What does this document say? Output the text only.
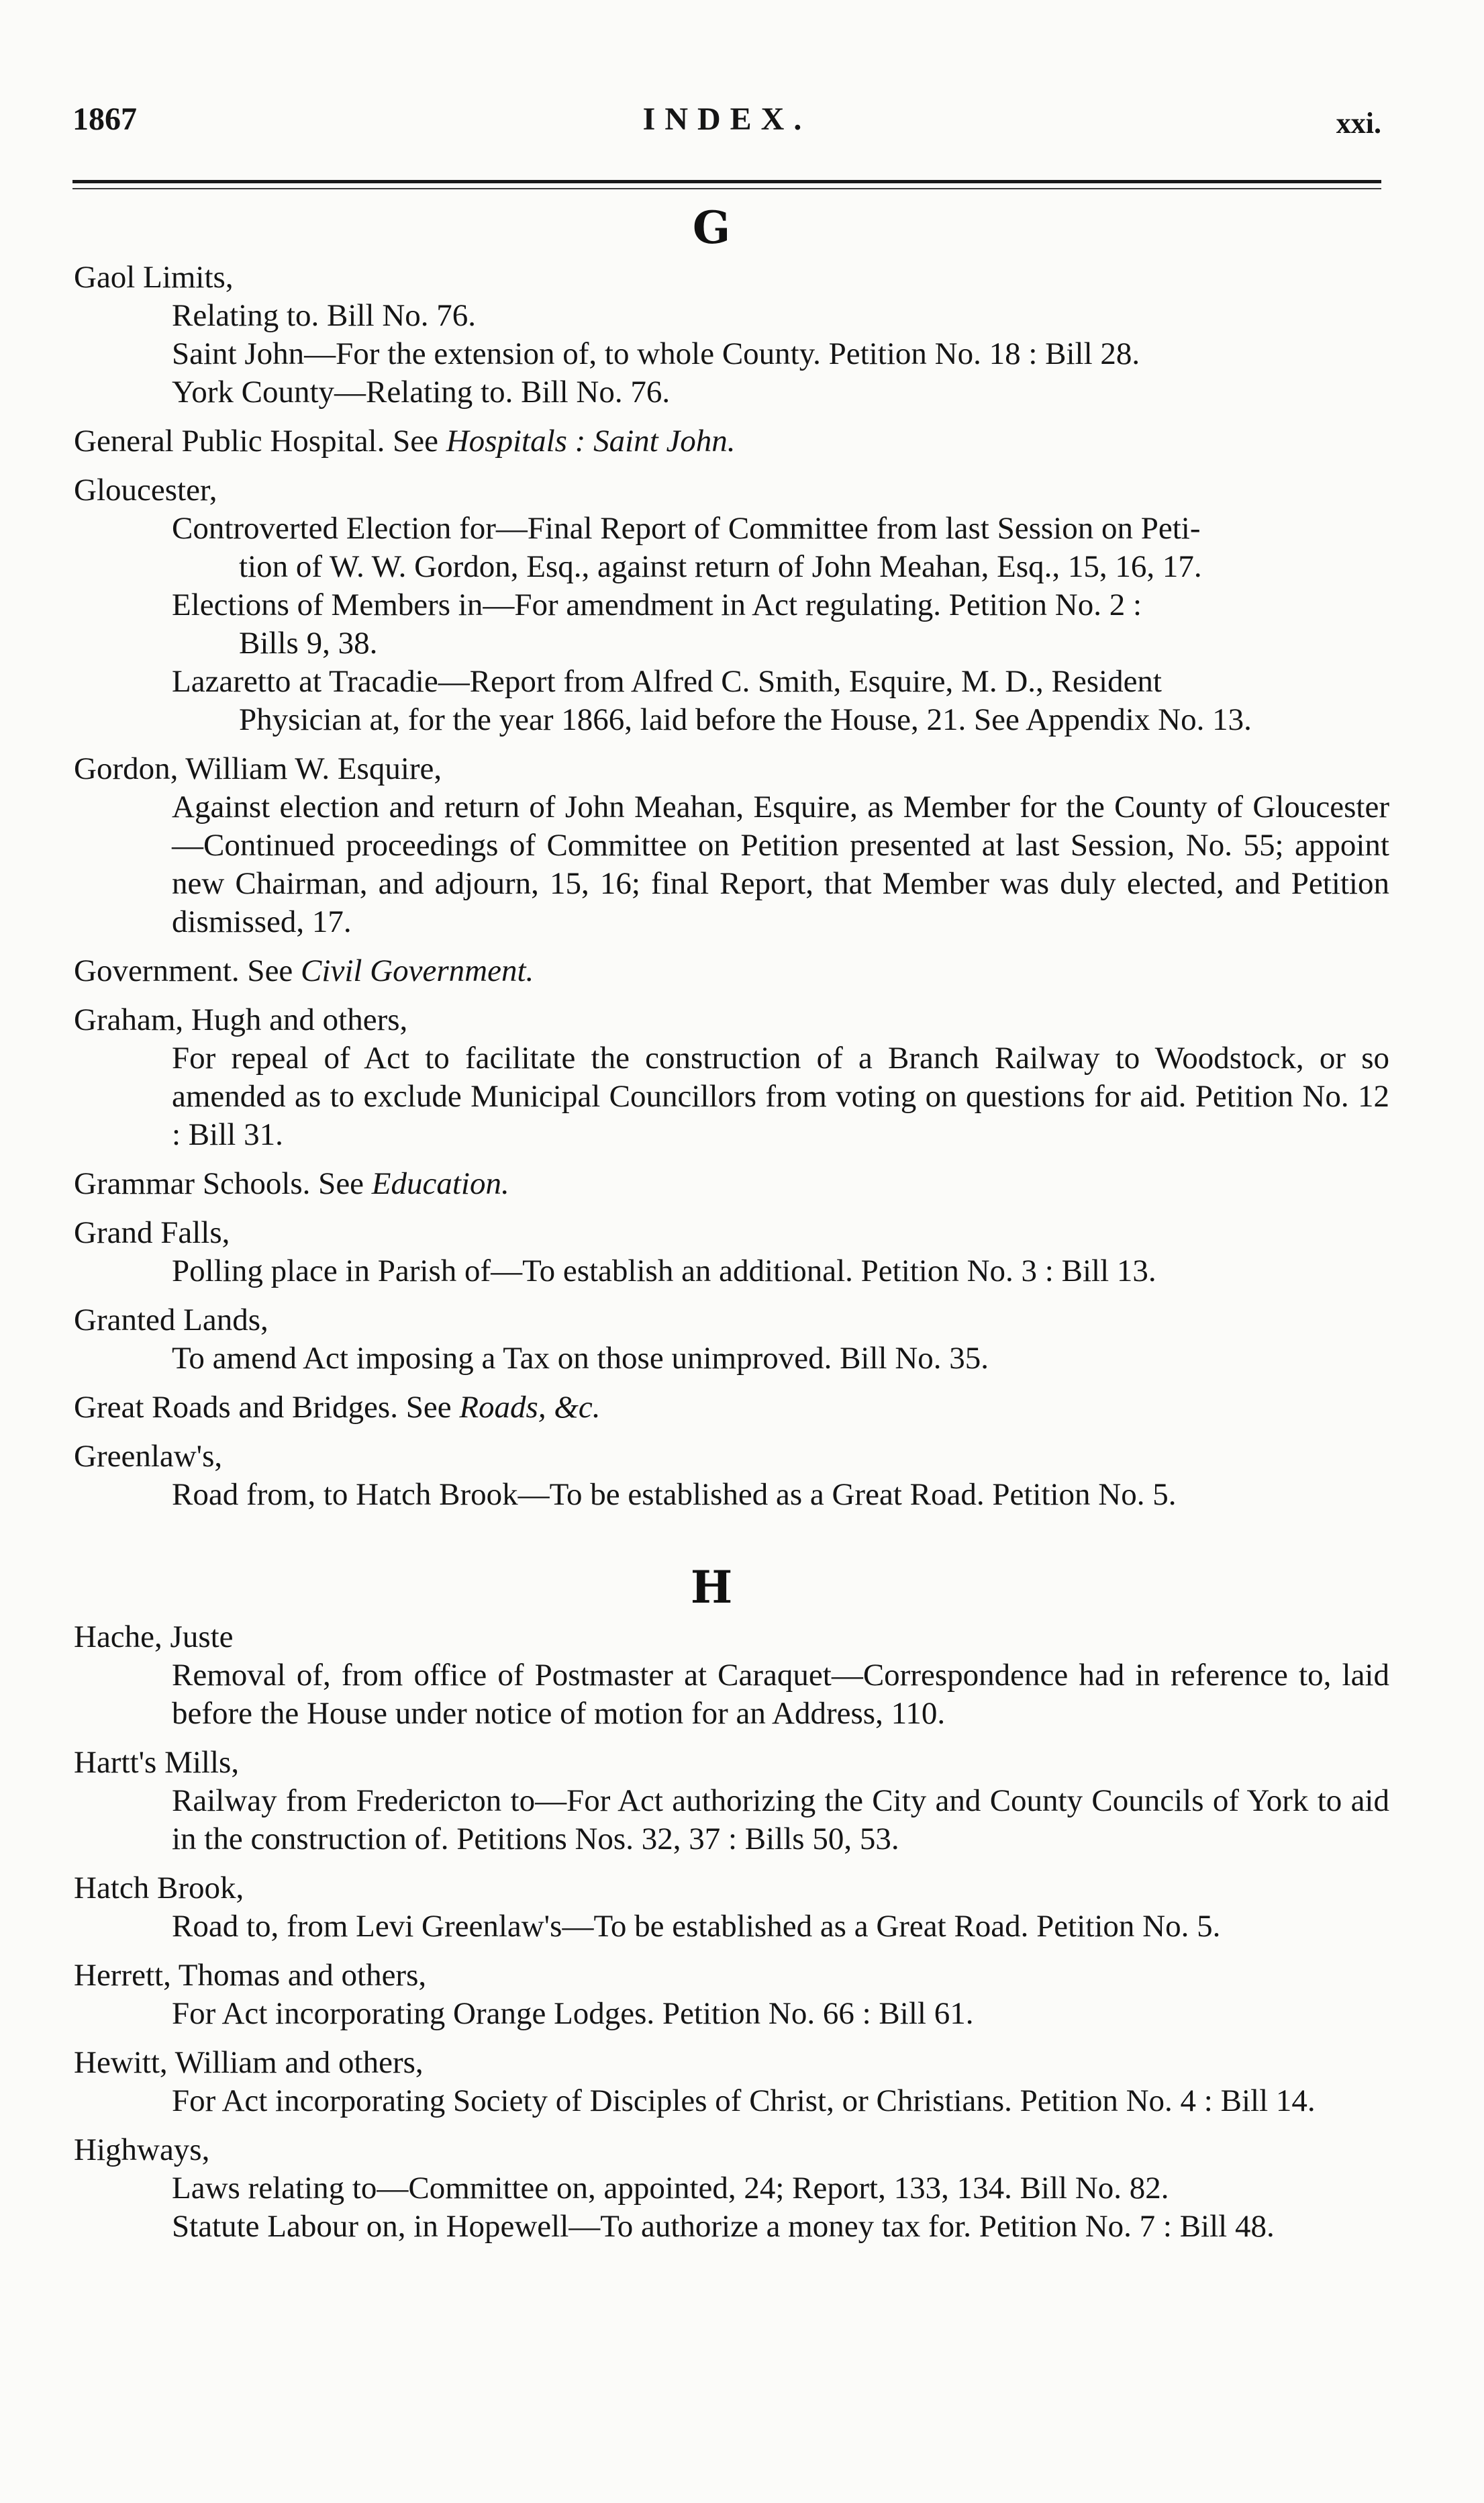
1867	INDEX.	xxi.
G
Gaol Limits,
Relating to. Bill No. 76.
Saint John—For the extension of, to whole County. Petition No. 18 : Bill 28.
York County—Relating to. Bill No. 76.
General Public Hospital. See Hospitals : Saint John.
Gloucester,
Controverted Election for—Final Report of Committee from last Session on Peti-
tion of W. W. Gordon, Esq., against return of John Meahan, Esq., 15, 16, 17.
Elections of Members in—For amendment in Act regulating. Petition No. 2 :
Bills 9, 38.
Lazaretto at Tracadie—Report from Alfred C. Smith, Esquire, M. D., Resident
Physician at, for the year 1866, laid before the House, 21. See Appendix No. 13.
Gordon, William W. Esquire,
Against election and return of John Meahan, Esquire, as Member for the County of Gloucester—Continued proceedings of Committee on Petition presented at last Session, No. 55; appoint new Chairman, and adjourn, 15, 16; final Report, that Member was duly elected, and Petition dismissed, 17.
Government. See Civil Government.
Graham, Hugh and others,
For repeal of Act to facilitate the construction of a Branch Railway to Woodstock, or so amended as to exclude Municipal Councillors from voting on questions for aid. Petition No. 12 : Bill 31.
Grammar Schools. See Education.
Grand Falls,
Polling place in Parish of—To establish an additional. Petition No. 3 : Bill 13.
Granted Lands,
To amend Act imposing a Tax on those unimproved. Bill No. 35.
Great Roads and Bridges. See Roads, &c.
Greenlaw's,
Road from, to Hatch Brook—To be established as a Great Road. Petition No. 5.
H
Hache, Juste
Removal of, from office of Postmaster at Caraquet—Correspondence had in reference to, laid before the House under notice of motion for an Address, 110.
Hartt's Mills,
Railway from Fredericton to—For Act authorizing the City and County Councils of York to aid in the construction of. Petitions Nos. 32, 37 : Bills 50, 53.
Hatch Brook,
Road to, from Levi Greenlaw's—To be established as a Great Road. Petition No. 5.
Herrett, Thomas and others,
For Act incorporating Orange Lodges. Petition No. 66 : Bill 61.
Hewitt, William and others,
For Act incorporating Society of Disciples of Christ, or Christians. Petition No. 4 : Bill 14.
Highways,
Laws relating to—Committee on, appointed, 24; Report, 133, 134. Bill No. 82.
Statute Labour on, in Hopewell—To authorize a money tax for. Petition No. 7 : Bill 48.
